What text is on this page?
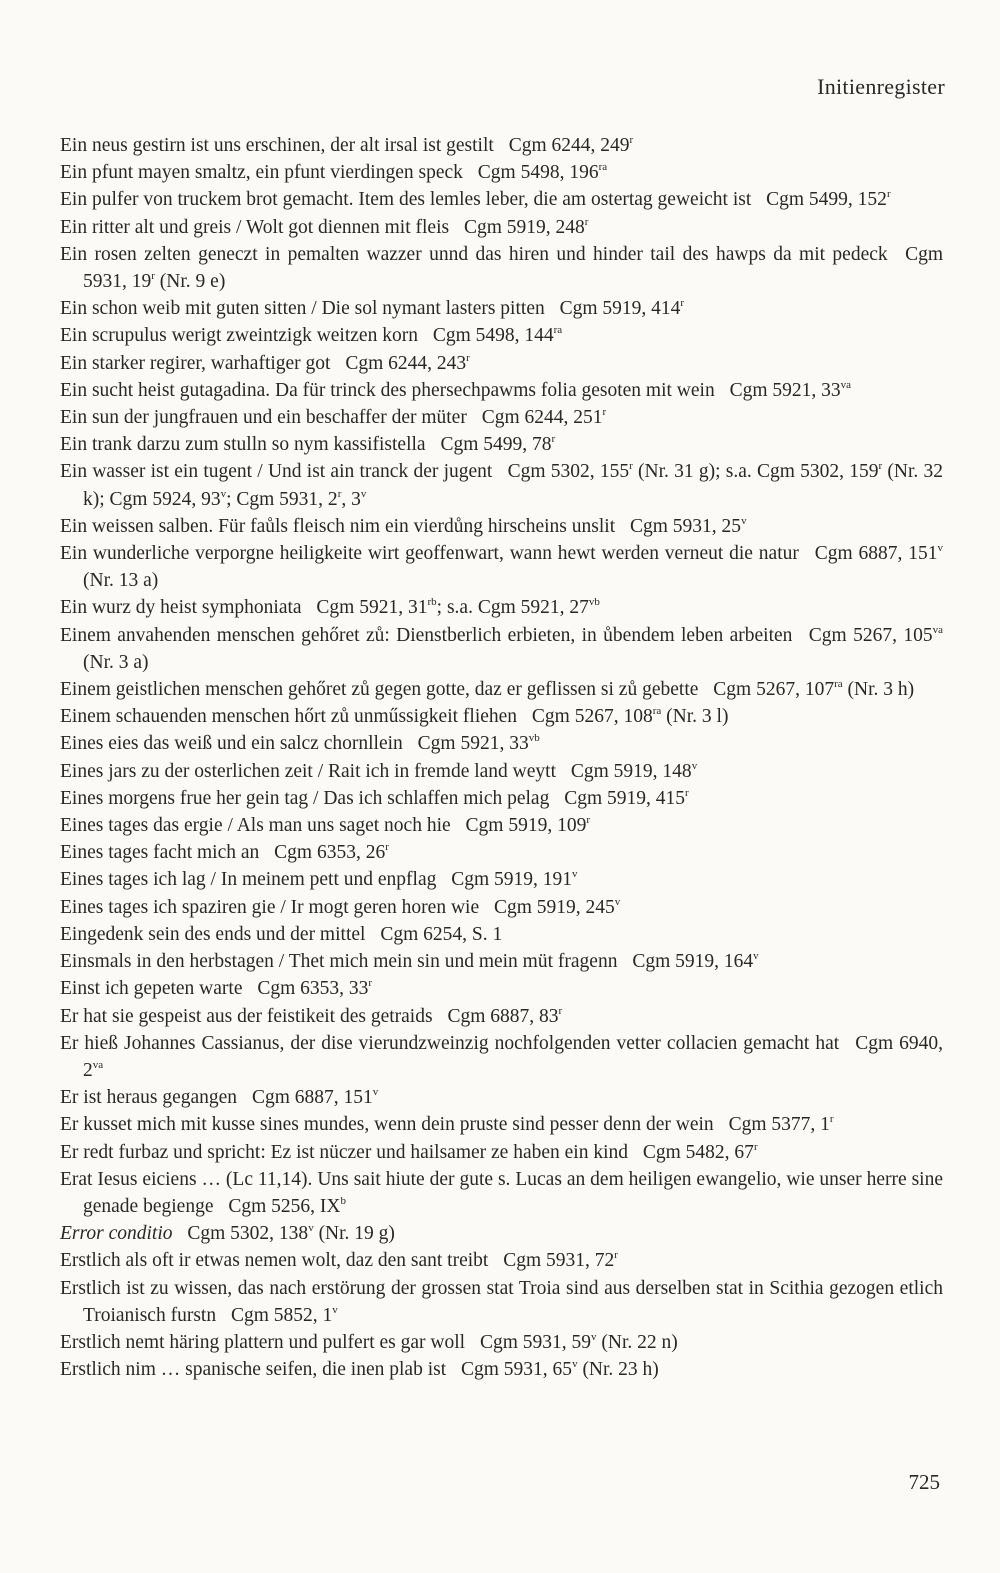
Initienregister
Ein neus gestirn ist uns erschinen, der alt irsal ist gestilt Cgm 6244, 249$^r$
Ein pfunt mayen smaltz, ein pfunt vierdingen speck Cgm 5498, $196^{ra}$
Ein pulfer von truckem brot gemacht. Item des lemles leber, die am ostertag geweicht ist Cgm 5499, 152$^r$
Ein ritter alt und greis / Wolt got diennen mit fleis Cgm 5919, 248$^r$
Ein rosen zelten geneczt in pemalten wazzer unnd das hiren und hinder tail des hawps da mit pedeck Cgm 5931, 19$^r$ (Nr. 9 e)
Ein schon weib mit guten sitten / Die sol nymant lasters pitten Cgm 5919, 414$^r$
Ein scrupulus werigt zweintzigk weitzen korn Cgm 5498, $144^{ra}$
Ein starker regirer, warhaftiger got Cgm 6244, 243$^r$
Ein sucht heist gutagadina. Da für trinck des phersechpawms folia gesoten mit wein Cgm 5921, $33^{va}$
Ein sun der jungfrauen und ein beschaffer der müter Cgm 6244, 251$^r$
Ein trank darzu zum stulln so nym kassifistella Cgm 5499, 78$^r$
Ein wasser ist ein tugent / Und ist ain tranck der jugent Cgm 5302, 155$^r$ (Nr. 31 g); s.a. Cgm 5302, 159$^r$ (Nr. 32 k); Cgm 5924, 93$^v$; Cgm 5931, 2$^r$, 3$^v$
Ein weissen salben. Für faůls fleisch nim ein vierdůng hirscheins unslit Cgm 5931, 25$^v$
Ein wunderliche verporgne heiligkeite wirt geoffenwart, wann hewt werden verneut die natur Cgm 6887, 151$^v$ (Nr. 13 a)
Ein wurz dy heist symphoniata Cgm 5921, $31^{rb}$; s.a. Cgm 5921, $27^{vb}$
Einem anvahenden menschen gehőret zů: Dienstberlich erbieten, in ůbendem leben arbeiten Cgm 5267, $105^{va}$ (Nr. 3 a)
Einem geistlichen menschen gehőret zů gegen gotte, daz er geflissen si zů gebette Cgm 5267, $107^{ra}$ (Nr. 3 h)
Einem schauenden menschen hőrt zů unműssigkeit fliehen Cgm 5267, $108^{ra}$ (Nr. 3 l)
Eines eies das weiß und ein salcz chornllein Cgm 5921, $33^{vb}$
Eines jars zu der osterlichen zeit / Rait ich in fremde land weytt Cgm 5919, 148$^v$
Eines morgens frue her gein tag / Das ich schlaffen mich pelag Cgm 5919, 415$^r$
Eines tages das ergie / Als man uns saget noch hie Cgm 5919, 109$^r$
Eines tages facht mich an Cgm 6353, 26$^r$
Eines tages ich lag / In meinem pett und enpflag Cgm 5919, 191$^v$
Eines tages ich spaziren gie / Ir mogt geren horen wie Cgm 5919, 245$^v$
Eingedenk sein des ends und der mittel Cgm 6254, S. 1
Einsmals in den herbstagen / Thet mich mein sin und mein müt fragenn Cgm 5919, 164$^v$
Einst ich gepeten warte Cgm 6353, 33$^r$
Er hat sie gespeist aus der feistikeit des getraids Cgm 6887, 83$^r$
Er hieß Johannes Cassianus, der dise vierundzweinzig nochfolgenden vetter collacien gemacht hat Cgm 6940, $2^{va}$
Er ist heraus gegangen Cgm 6887, 151$^v$
Er kusset mich mit kusse sines mundes, wenn dein pruste sind pesser denn der wein Cgm 5377, 1$^r$
Er redt furbaz und spricht: Ez ist nüczer und hailsamer ze haben ein kind Cgm 5482, 67$^r$
Erat Iesus eiciens … (Lc 11,14). Uns sait hiute der gute s. Lucas an dem heiligen ewangelio, wie unser herre sine genade begienge Cgm 5256, $IX^b$
Error conditio Cgm 5302, 138$^v$ (Nr. 19 g)
Erstlich als oft ir etwas nemen wolt, daz den sant treibt Cgm 5931, 72$^r$
Erstlich ist zu wissen, das nach erstörung der grossen stat Troia sind aus derselben stat in Scithia gezogen etlich Troianisch furstn Cgm 5852, 1$^v$
Erstlich nemt häring plattern und pulfert es gar woll Cgm 5931, 59$^v$ (Nr. 22 n)
Erstlich nim … spanische seifen, die inen plab ist Cgm 5931, 65$^v$ (Nr. 23 h)
725
